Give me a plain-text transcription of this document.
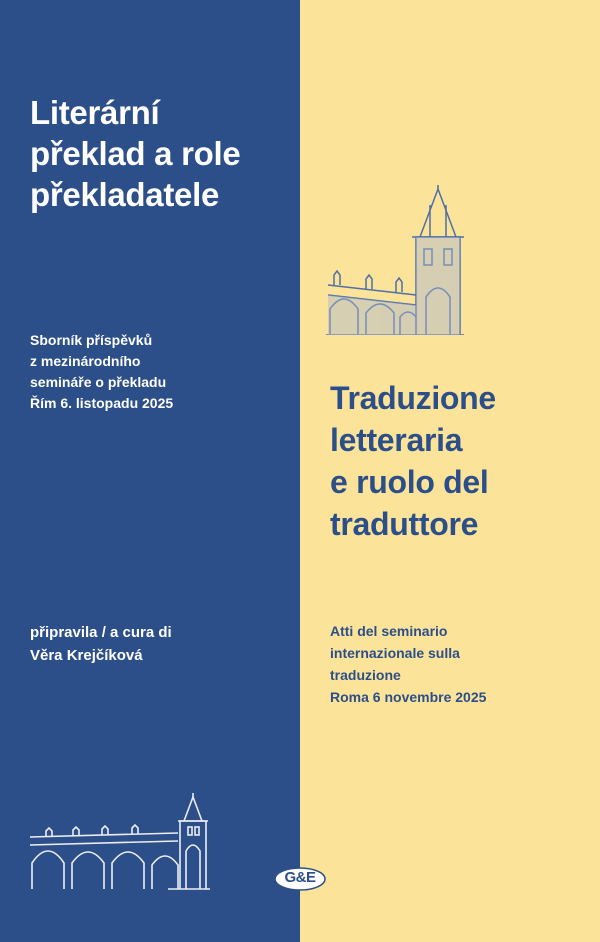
Literární
překlad a role
překladatele
Sborník příspěvků
z mezinárodního
semináře o překladu
Řím 6. listopadu 2025
připravila / a cura di
Věra Krejčíková
Traduzione
letteraria
e ruolo del
traduttore
Atti del seminario
internazionale sulla
traduzione
Roma 6 novembre 2025
G&E
